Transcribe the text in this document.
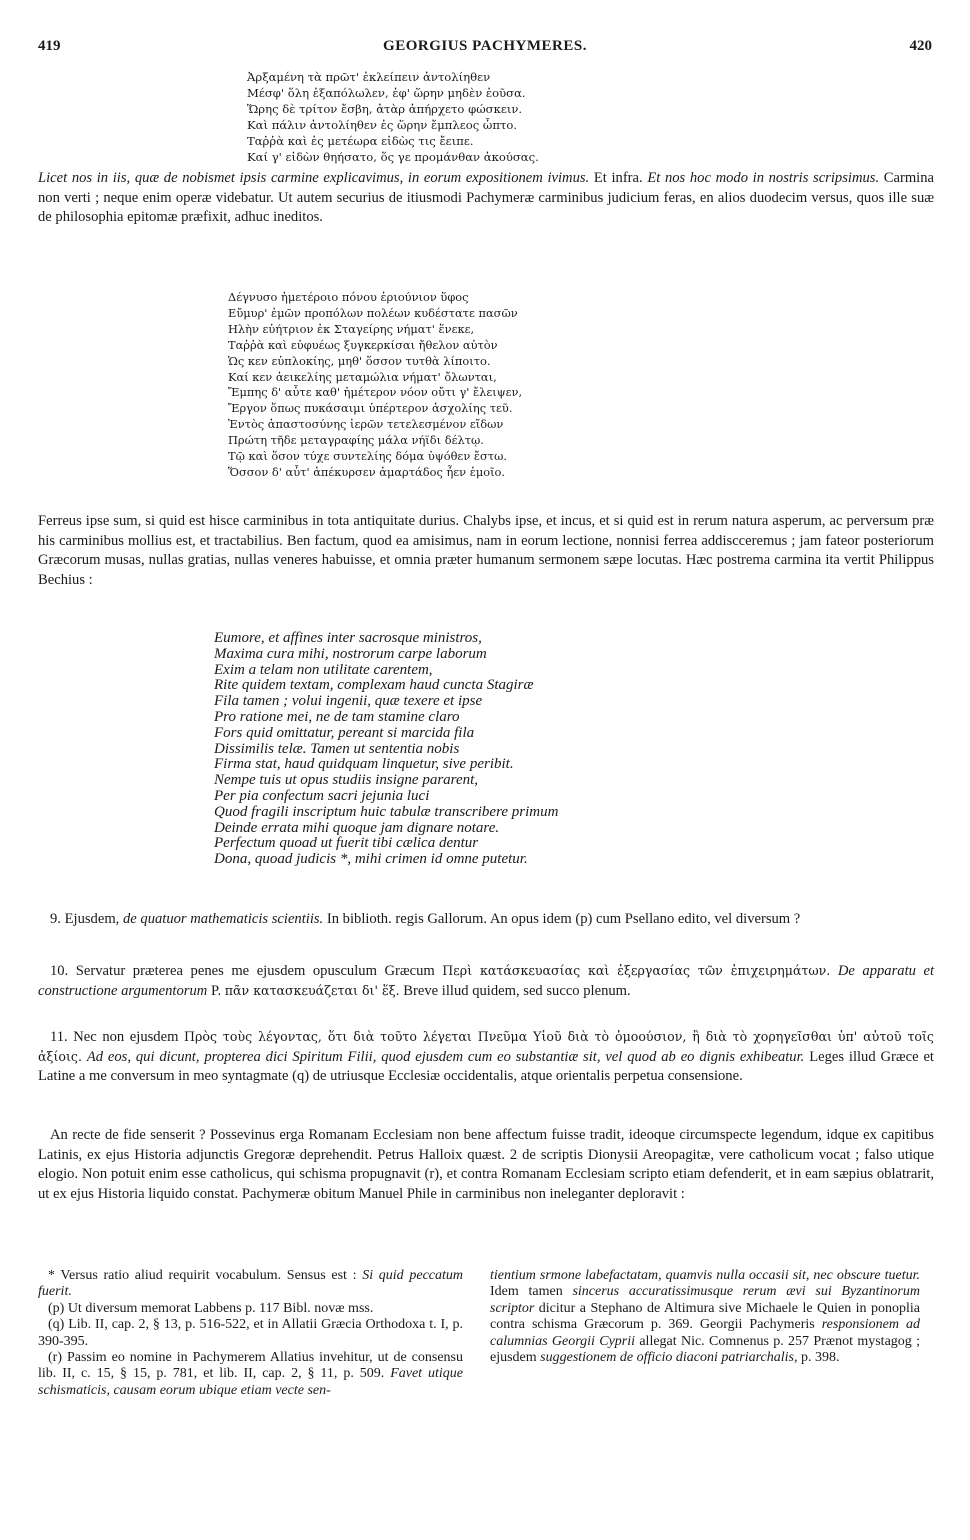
419	GEORGIUS PACHYMERES.	420
Ἀρξαμένη τὰ πρῶτ' ἐκλείπειν ἀντολίηθεν
Μέσφ' ὅλη ἐξαπόλωλεν, ἐφ' ὥρην μηδὲν ἐοῦσα.
Ὥρης δὲ τρίτον ἔσβη, ἀτὰρ ἀπήρχετο φώσκειν.
Καὶ πάλιν ἀντολίηθεν ἐς ὥρην ἔμπλεος ὦπτο.
Ταῤῥὰ καὶ ἐς μετέωρα εἰδὼς τις ἔειπε.
Καί γ' εἰδὼν θηήσατο, ὅς γε προμάνθαν ἀκούσας.

Licet nos in iis, quæ de nobismet ipsis carmine explicavimus, in eorum expositionem ivimus. Et infra. Et nos hoc modo in nostris scripsimus. Carmina non verti ; neque enim operæ videbatur. Ut autem securius de itiusmodi Pachymeræ carminibus judicium feras, en alios duodecim versus, quos ille suæ de philosophia epitomæ præfixit, adhuc ineditos.

Δέγνυσο ἡμετέροιο πόνου ἐριούνιον ὕφος
Εὔμυρ' ἐμῶν προπόλων πολέων κυδέστατε πασῶν
Ηλὴν εὐήτριον ἐκ Σταγείρης νήματ' ἕνεκε,
Ταῤῥὰ καὶ εὐφυέως ξυγκερκίσαι ἤθελον αὐτὸν
Ὡς κεν εὐπλοκίης, μηθ' ὅσσον τυτθὰ λίποιτο.
Καί κεν ἀεικελίης μεταμώλια νήματ' ὄλωνται,
Ἔμπης δ' αὖτε καθ' ἡμέτερον νόον οὔτι γ' ἔλειψεν,
Ἔργον ὅπως πυκάσαιμι ὑπέρτερον ἀσχολίης τεῦ.
Ἐντὸς ἀπαστοσύνης ἱερῶν τετελεσμένον εἴδων
Πρώτη τῆδε μεταγραφίης μάλα νήϊδι δέλτῳ.
Τῷ καὶ ὅσον τύχε συντελίης δόμα ὑψόθεν ἔστω.
Ὅσσον δ' αὖτ' ἀπέκυρσεν ἁμαρτάδος ἦεν ἐμοῖο.

Ferreus ipse sum, si quid est hisce carminibus in tota antiquitate durius. Chalybs ipse, et incus, et si quid est in rerum natura asperum, ac perversum præ his carminibus mollius est, et tractabilius. Ben factum, quod ea amisimus, nam in eorum lectione, nonnisi ferrea addiscceremus ; jam fateor posteriorum Græcorum musas, nullas gratias, nullas veneres habuisse, et omnia præter humanum sermonem sæpe locutas. Hæc postrema carmina ita vertit Philippus Bechius :

Eumore, et affines inter sacrosque ministros,
Maxima cura mihi, nostrorum carpe laborum
Exim a telam non utilitate carentem,
Rite quidem textam, complexam haud cuncta Stagiræ
Fila tamen ; volui ingenii, quæ texere et ipse
Pro ratione mei, ne de tam stamine claro
Fors quid omittatur, pereant si marcida fila
Dissimilis telæ. Tamen ut sententia nobis
Firma stat, haud quidquam linquetur, sive peribit.
Nempe tuis ut opus studiis insigne pararent,
Per pia confectum sacri jejunia luci
Quod fragili inscriptum huic tabulæ transcribere primum
Deinde errata mihi quoque jam dignare notare.
Perfectum quoad ut fuerit tibi cælica dentur
Dona, quoad judicis *, mihi crimen id omne putetur.

9. Ejusdem, de quatuor mathematicis scientiis. In biblioth. regis Gallorum. An opus idem (p) cum Psellano edito, vel diversum ?

10. Servatur præterea penes me ejusdem opusculum Græcum Περὶ κατάσκευασίας καὶ ἐξεργασίας τῶν ἐπιχειρημάτων. De apparatu et constructione argumentorum P. πᾶν κατασκευάζεται δι' ἕξ. Breve illud quidem, sed succo plenum.

11. Nec non ejusdem Πρὸς τοὺς λέγοντας, ὅτι διὰ τοῦτο λέγεται Πνεῦμα Υἱοῦ διὰ τὸ ὁμοούσιον, ἢ διὰ τὸ χορηγεῖσθαι ὑπ' αὐτοῦ τοῖς ἀξίοις. Ad eos, qui dicunt, propterea dici Spiritum Filii, quod ejusdem cum eo substantiæ sit, vel quod ab eo dignis exhibeatur. Leges illud Græce et Latine a me conversum in meo syntagmate (q) de utriusque Ecclesiæ occidentalis, atque orientalis perpetua consensione.

An recte de fide senserit ? Possevinus erga Romanam Ecclesiam non bene affectum fuisse tradit, ideoque circumspecte legendum, idque ex capitibus Latinis, ex ejus Historia adjunctis Gregoræ deprehendit. Petrus Halloix quæst. 2 de scriptis Dionysii Areopagitæ, vere catholicum vocat ; falso utique elogio. Non potuit enim esse catholicus, qui schisma propugnavit (r), et contra Romanam Ecclesiam scripto etiam defenderit, et in eam sæpius oblatrarit, ut ex ejus Historia liquido constat. Pachymeræ obitum Manuel Phile in carminibus non ineleganter deploravit :

* Versus ratio aliud requirit vocabulum. Sensus est : Si quid peccatum fuerit.

(p) Ut diversum memorat Labbens p. 117 Bibl. novæ mss.

(q) Lib. II, cap. 2, § 13, p. 516-522, et in Allatii Græcia Orthodoxa t. I, p. 390-395.

(r) Passim eo nomine in Pachymerem Allatius invehitur, ut de consensu lib. II, c. 15, § 15, p. 781, et lib. II, cap. 2, § 11, p. 509. Favet utique schismaticis, causam eorum ubique etiam vecte sen-

tientium srmone labefactatam, quamvis nulla occasii sit, nec obscure tuetur. Idem tamen sincerus accuratissimusque rerum ævi sui Byzantinorum scriptor dicitur a Stephano de Altimura sive Michaele le Quien in ponoplia contra schisma Græcorum p. 369. Georgii Pachymeris responsionem ad calumnias Georgii Cyprii allegat Nic. Comnenus p. 257 Prænot mystagog ; ejusdem suggestionem de officio diaconi patriarchalis, p. 398.
